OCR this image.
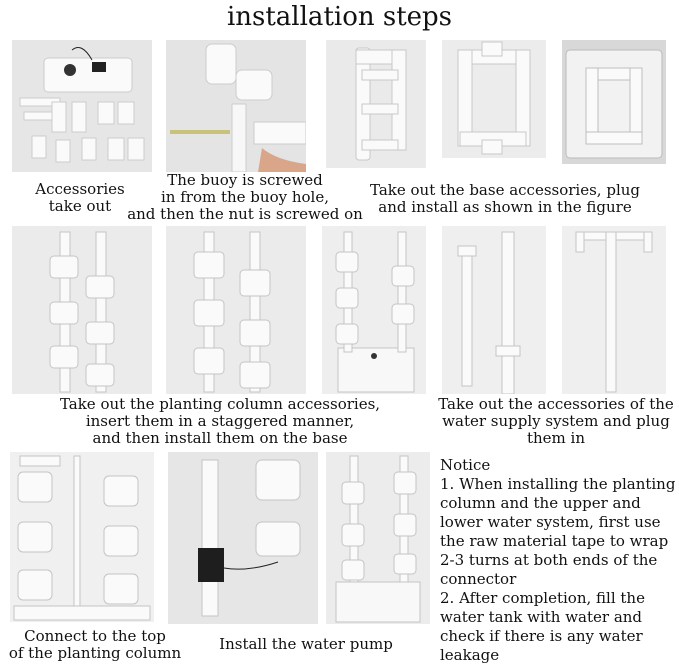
installation steps
Accessories
take out
The buoy is screwed
in from the buoy hole,
and then the nut is screwed on
Take out the base accessories, plug
and install as shown in the figure
Take out the planting column accessories,
insert them in a staggered manner,
and then install them on the base
Take out the accessories of the
water supply system and plug
them in
Connect to the top
of the planting column	Install the water pump
Notice
1. When installing the planting
column and the upper and
lower water system, first use
the raw material tape to wrap
2-3 turns at both ends of the
connector
2. After completion, fill the
water tank with water and
check if there is any water
leakage
